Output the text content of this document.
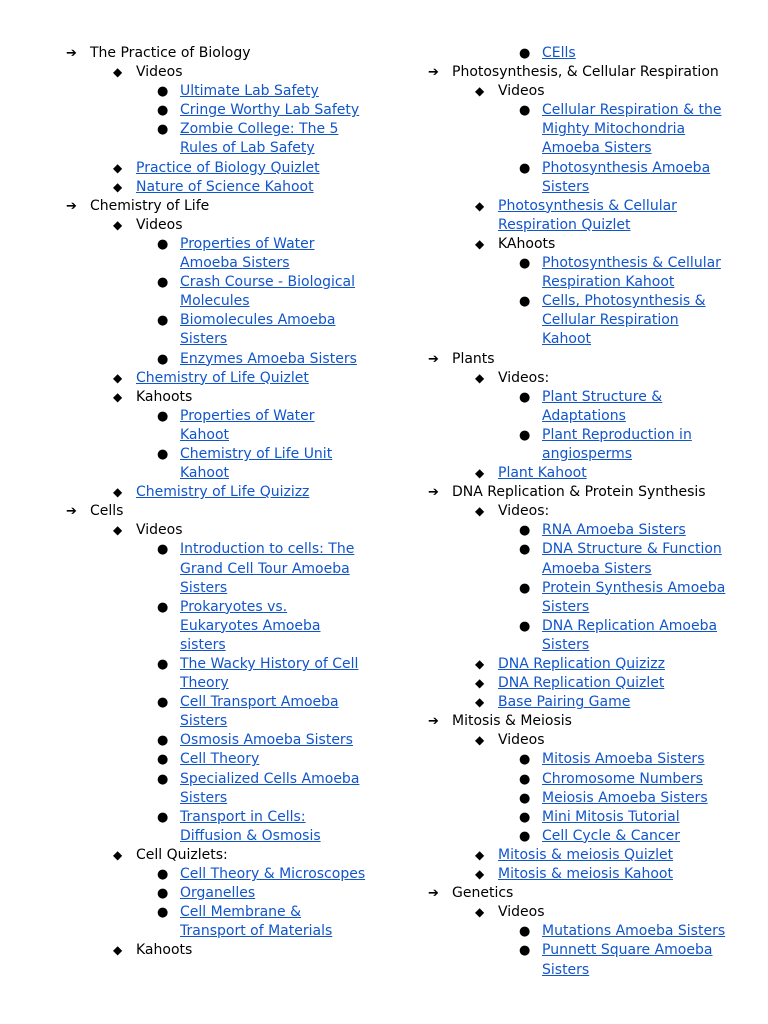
➔ The Practice of Biology
◆ Videos
● Ultimate Lab Safety
● Cringe Worthy Lab Safety
● Zombie College: The 5 Rules of Lab Safety
◆ Practice of Biology Quizlet
◆ Nature of Science Kahoot
➔ Chemistry of Life
◆ Videos
● Properties of Water Amoeba Sisters
● Crash Course - Biological Molecules
● Biomolecules Amoeba Sisters
● Enzymes Amoeba Sisters
◆ Chemistry of Life Quizlet
◆ Kahoots
● Properties of Water Kahoot
● Chemistry of Life Unit Kahoot
◆ Chemistry of Life Quizizz
➔ Cells
◆ Videos
● Introduction to cells: The Grand Cell Tour Amoeba Sisters
● Prokaryotes vs. Eukaryotes Amoeba sisters
● The Wacky History of Cell Theory
● Cell Transport Amoeba Sisters
● Osmosis Amoeba Sisters
● Cell Theory
● Specialized Cells Amoeba Sisters
● Transport in Cells: Diffusion & Osmosis
◆ Cell Quizlets:
● Cell Theory & Microscopes
● Organelles
● Cell Membrane & Transport of Materials
◆ Kahoots
● CElls
➔ Photosynthesis, & Cellular Respiration
◆ Videos
● Cellular Respiration & the Mighty Mitochondria Amoeba Sisters
● Photosynthesis Amoeba Sisters
◆ Photosynthesis & Cellular Respiration Quizlet
◆ KAhoots
● Photosynthesis & Cellular Respiration Kahoot
● Cells, Photosynthesis & Cellular Respiration Kahoot
➔ Plants
◆ Videos:
● Plant Structure & Adaptations
● Plant Reproduction in angiosperms
◆ Plant Kahoot
➔ DNA Replication & Protein Synthesis
◆ Videos:
● RNA Amoeba Sisters
● DNA Structure & Function Amoeba Sisters
● Protein Synthesis Amoeba Sisters
● DNA Replication Amoeba Sisters
◆ DNA Replication Quizizz
◆ DNA Replication Quizlet
◆ Base Pairing Game
➔ Mitosis & Meiosis
◆ Videos
● Mitosis Amoeba Sisters
● Chromosome Numbers
● Meiosis Amoeba Sisters
● Mini Mitosis Tutorial
● Cell Cycle & Cancer
◆ Mitosis & meiosis Quizlet
◆ Mitosis & meiosis Kahoot
➔ Genetics
◆ Videos
● Mutations Amoeba Sisters
● Punnett Square Amoeba Sisters
